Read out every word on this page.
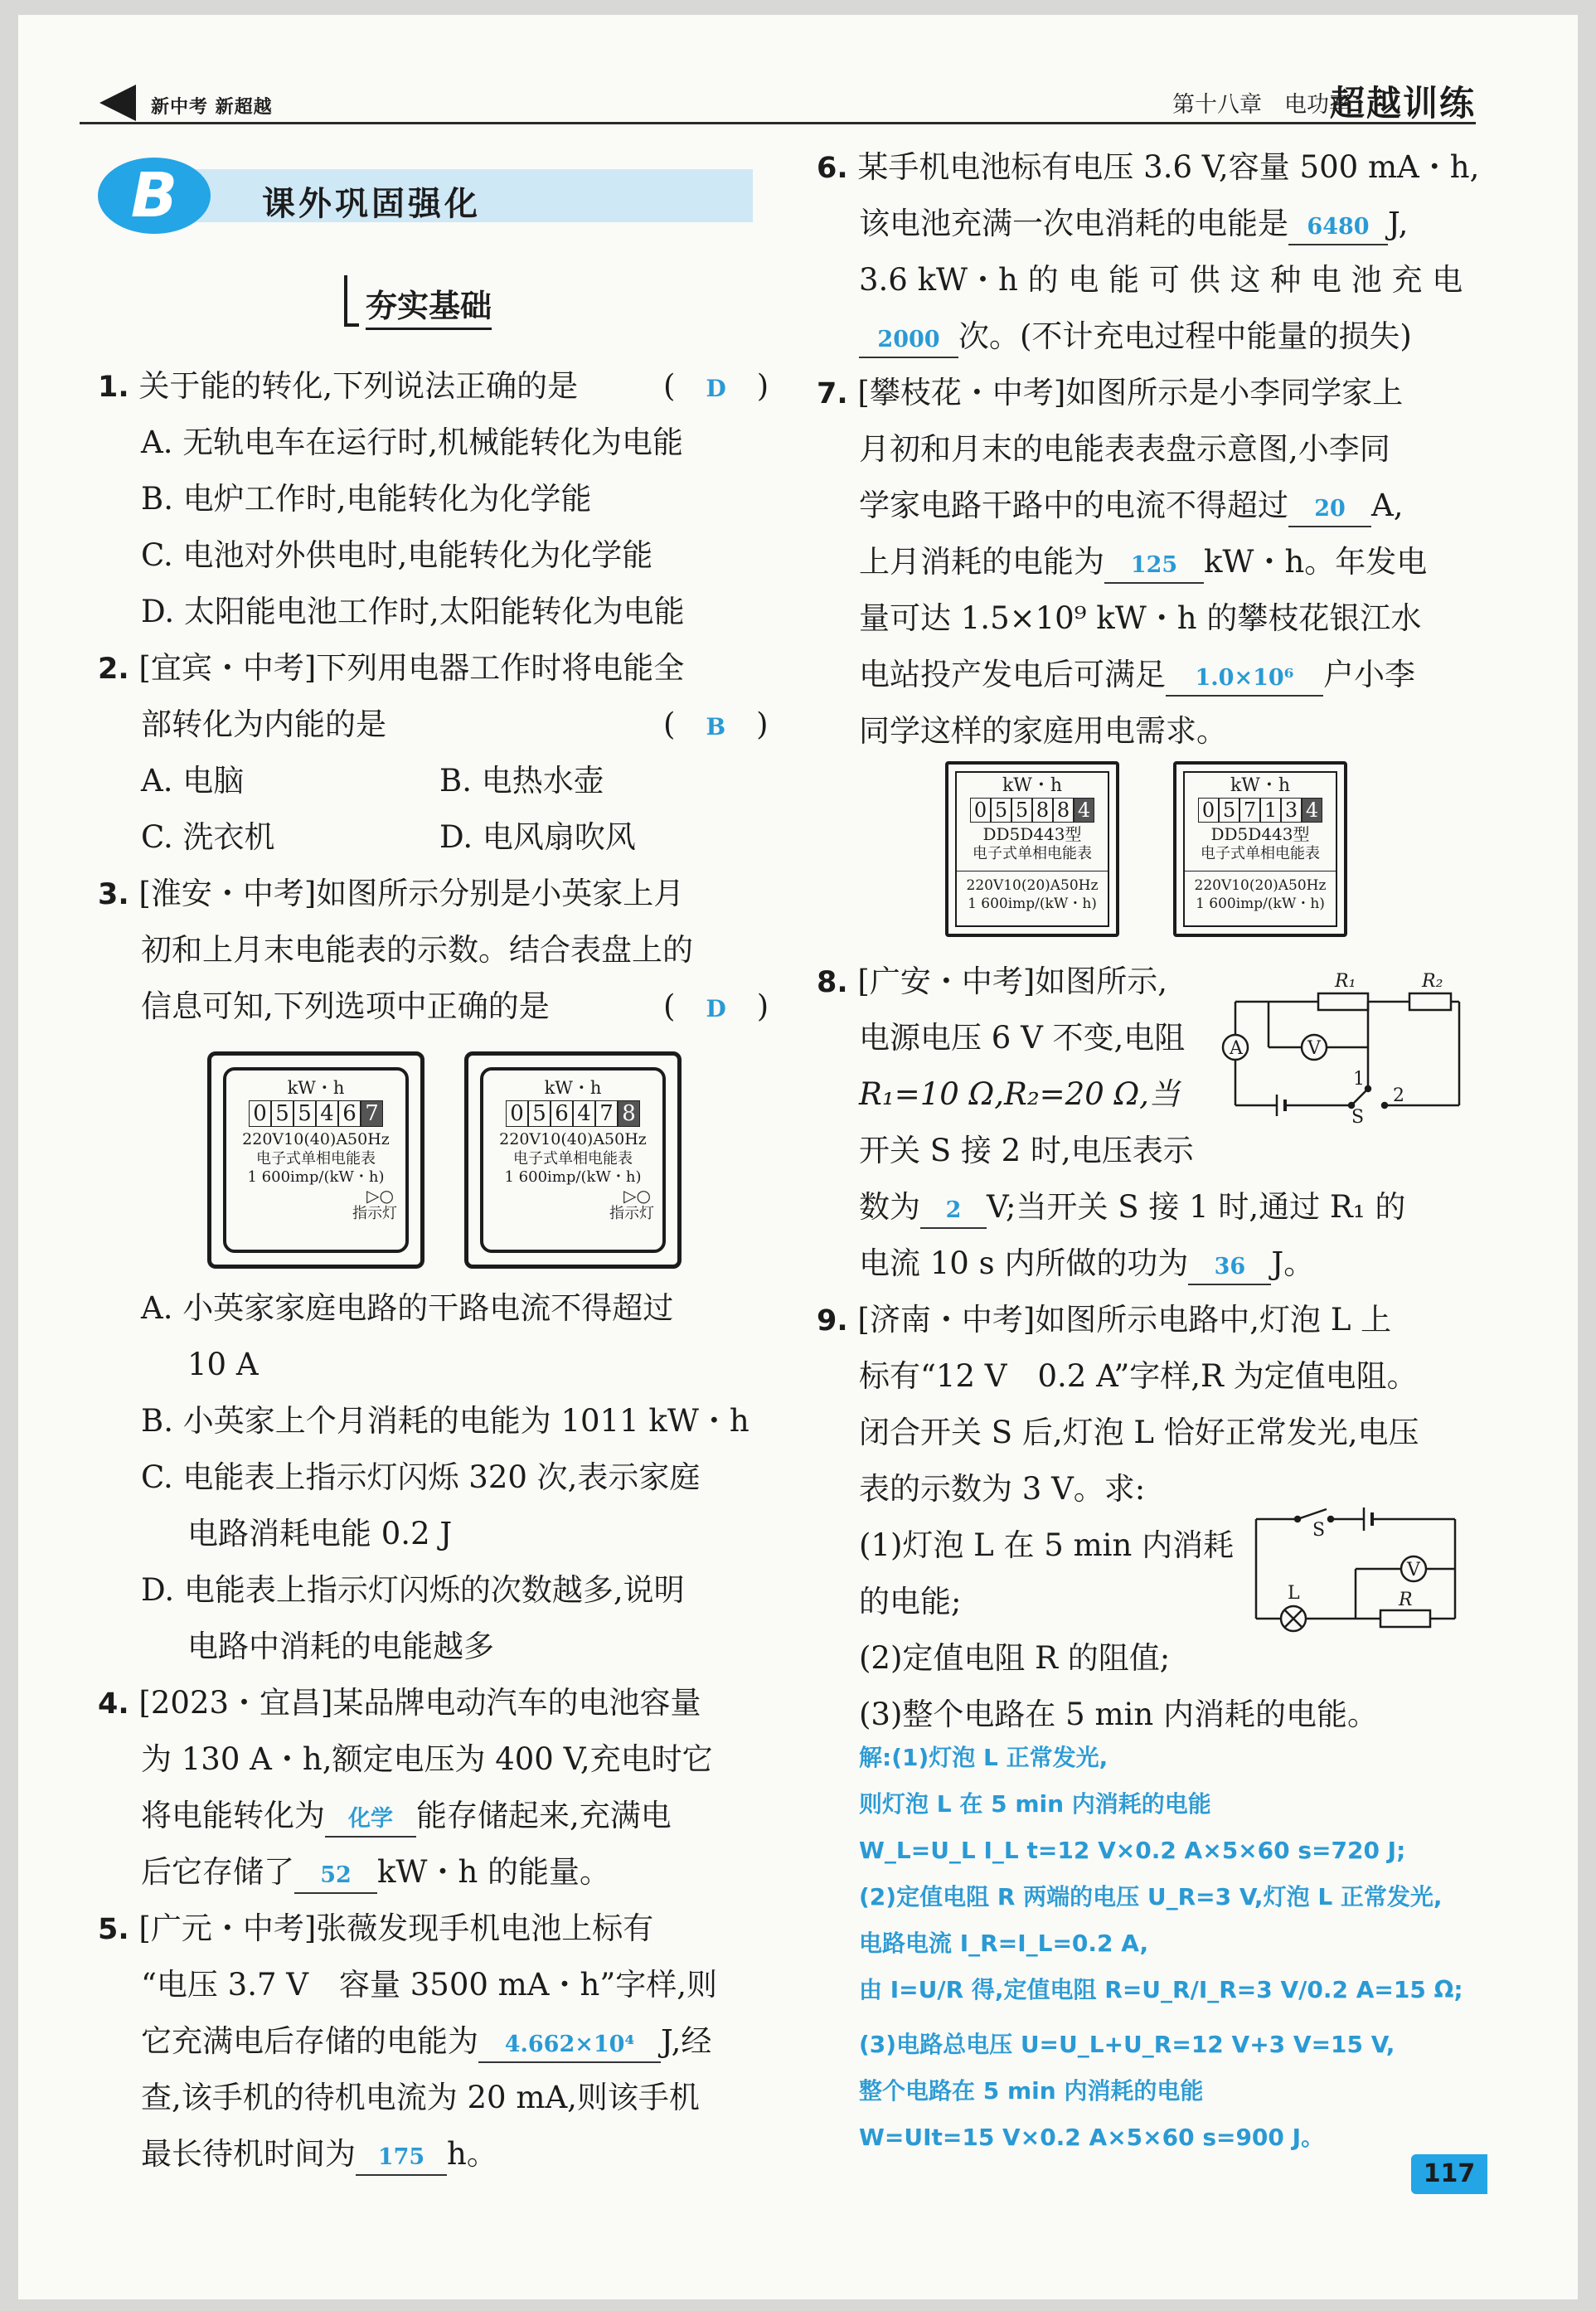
新中考 新超越	第十八章　电功率
超越训练
B	课外巩固强化
夯实基础
1. 关于能的转化,下列说法正确的是	(　D　)
A. 无轨电车在运行时,机械能转化为电能
B. 电炉工作时,电能转化为化学能
C. 电池对外供电时,电能转化为化学能
D. 太阳能电池工作时,太阳能转化为电能
2. [宜宾・中考]下列用电器工作时将电能全
部转化为内能的是	(　B　)
A. 电脑	B. 电热水壶
C. 洗衣机	D. 电风扇吹风
3. [淮安・中考]如图所示分别是小英家上月
初和上月末电能表的示数。结合表盘上的
信息可知,下列选项中正确的是	(　D　)
kW・h
0 5 5 4 6 7
220V10(40)A50Hz
电子式单相电能表
1 600imp/(kW・h)
▷○
指示灯
kW・h
0 5 6 4 7 8
220V10(40)A50Hz
电子式单相电能表
1 600imp/(kW・h)
▷○
指示灯
A. 小英家家庭电路的干路电流不得超过
10 A
B. 小英家上个月消耗的电能为 1011 kW・h
C. 电能表上指示灯闪烁 320 次,表示家庭
电路消耗电能 0.2 J
D. 电能表上指示灯闪烁的次数越多,说明
电路中消耗的电能越多
4. [2023・宜昌]某品牌电动汽车的电池容量
为 130 A・h,额定电压为 400 V,充电时它
将电能转化为 化学 能存储起来,充满电
后它存储了 52 kW・h 的能量。
5. [广元・中考]张薇发现手机电池上标有
“电压 3.7 V　容量 3500 mA・h”字样,则
它充满电后存储的电能为 4.662×10⁴ J,经
查,该手机的待机电流为 20 mA,则该手机
最长待机时间为 175 h。
6. 某手机电池标有电压 3.6 V,容量 500 mA・h,
该电池充满一次电消耗的电能是 6480 J,
3.6 kW・h 的 电 能 可 供 这 种 电 池 充 电
2000 次。(不计充电过程中能量的损失)
7. [攀枝花・中考]如图所示是小李同学家上
月初和月末的电能表表盘示意图,小李同
学家电路干路中的电流不得超过 20 A,
上月消耗的电能为 125 kW・h。年发电
量可达 1.5×10⁹ kW・h 的攀枝花银江水
电站投产发电后可满足 1.0×10⁶ 户小李
同学这样的家庭用电需求。
kW・h
0 5 5 8 8 4
DD5D443型
电子式单相电能表
220V10(20)A50Hz
1 600imp/(kW・h)
kW・h
0 5 7 1 3 4
DD5D443型
电子式单相电能表
220V10(20)A50Hz
1 600imp/(kW・h)
8. [广安・中考]如图所示,
电源电压 6 V 不变,电阻
R₁=10 Ω,R₂=20 Ω,当
开关 S 接 2 时,电压表示
数为 2 V;当开关 S 接 1 时,通过 R₁ 的
电流 10 s 内所做的功为 36 J。
R₁	R₂
A	V
1
2
S
9. [济南・中考]如图所示电路中,灯泡 L 上
标有“12 V　0.2 A”字样,R 为定值电阻。
闭合开关 S 后,灯泡 L 恰好正常发光,电压
表的示数为 3 V。求:
(1)灯泡 L 在 5 min 内消耗
的电能;
(2)定值电阻 R 的阻值;
(3)整个电路在 5 min 内消耗的电能。
S
V
L	R
解:(1)灯泡 L 正常发光,
则灯泡 L 在 5 min 内消耗的电能
W_L=U_L I_L t=12 V×0.2 A×5×60 s=720 J;
(2)定值电阻 R 两端的电压 U_R=3 V,灯泡 L 正常发光,
电路电流 I_R=I_L=0.2 A,
由 I=U/R 得,定值电阻 R=U_R/I_R=3 V/0.2 A=15 Ω;
(3)电路总电压 U=U_L+U_R=12 V+3 V=15 V,
整个电路在 5 min 内消耗的电能
W=UIt=15 V×0.2 A×5×60 s=900 J。
117
